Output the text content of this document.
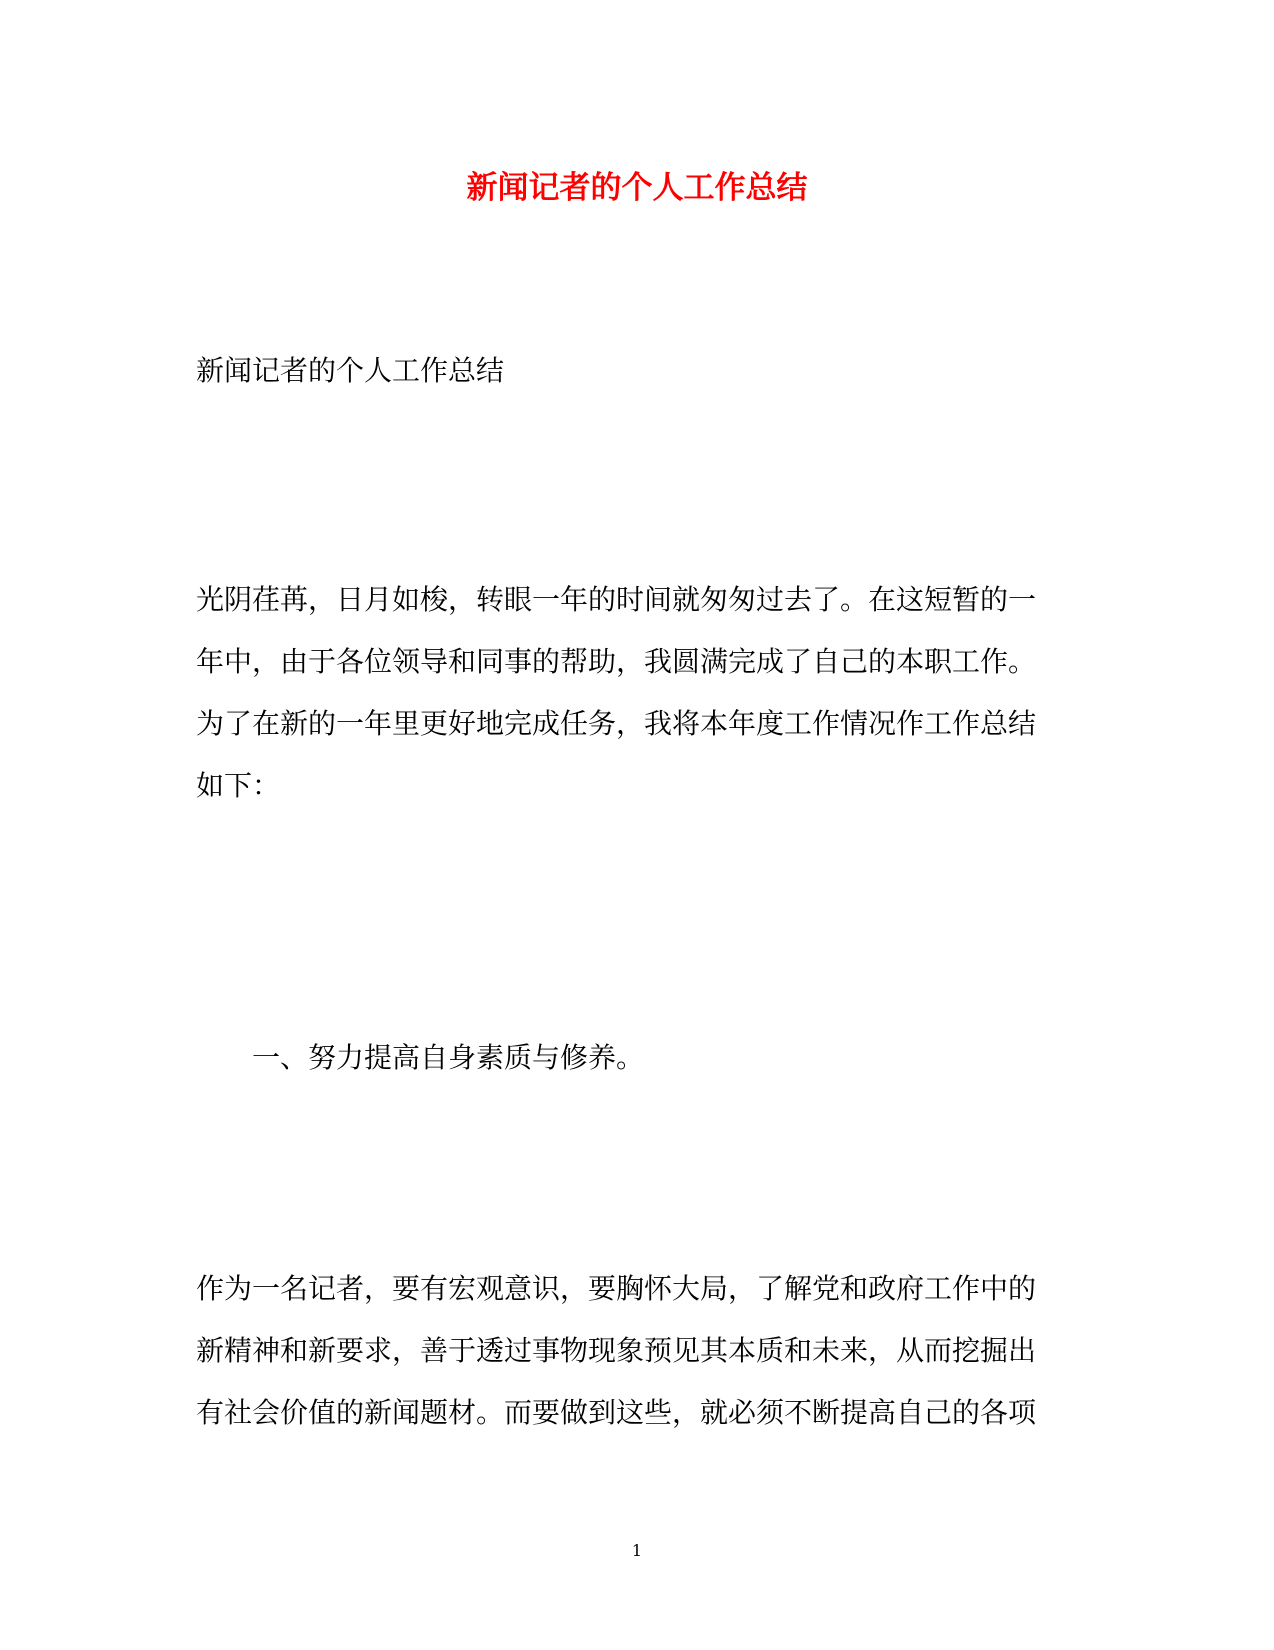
新闻记者的个人工作总结

新闻记者的个人工作总结

光阴荏苒，日月如梭，转眼一年的时间就匆匆过去了。在这短暂的一

年中，由于各位领导和同事的帮助，我圆满完成了自己的本职工作。

为了在新的一年里更好地完成任务，我将本年度工作情况作工作总结

如下：

一、努力提高自身素质与修养。

作为一名记者，要有宏观意识，要胸怀大局，了解党和政府工作中的

新精神和新要求，善于透过事物现象预见其本质和未来，从而挖掘出

有社会价值的新闻题材。而要做到这些，就必须不断提高自己的各项

1
